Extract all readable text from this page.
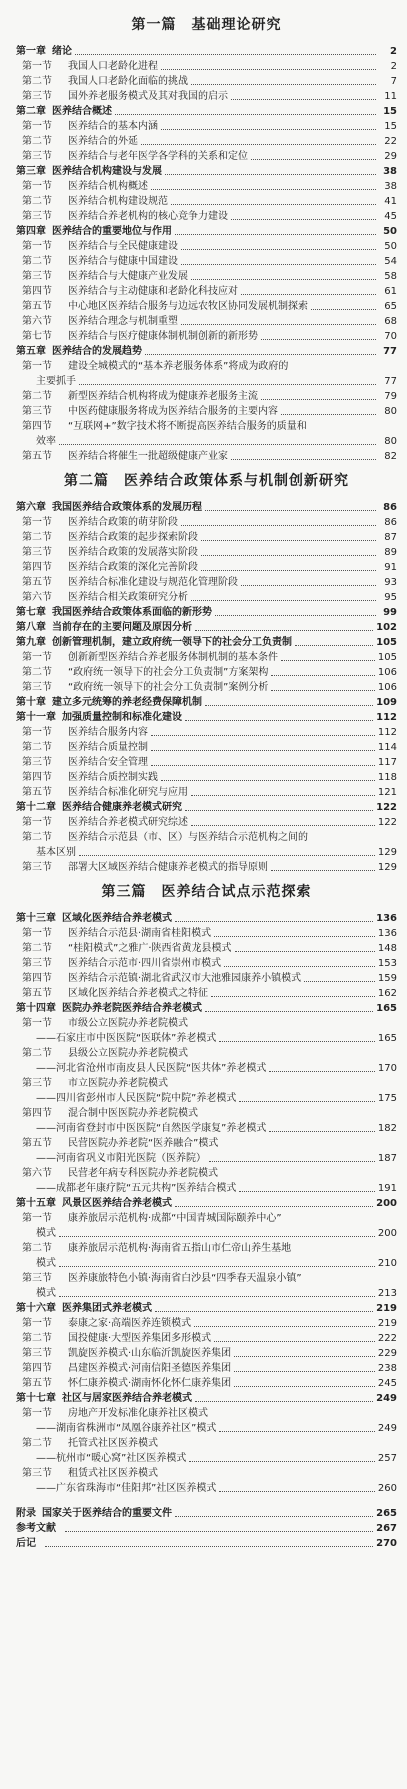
第一篇　基础理论研究
第一章 绪论	2
第一节	我国人口老龄化进程	2
第二节	我国人口老龄化面临的挑战	7
第三节	国外养老服务模式及其对我国的启示	11
第二章 医养结合概述	15
第一节	医养结合的基本内涵	15
第二节	医养结合的外延	22
第三节	医养结合与老年医学各学科的关系和定位	29
第三章 医养结合机构建设与发展	38
第一节	医养结合机构概述	38
第二节	医养结合机构建设规范	41
第三节	医养结合养老机构的核心竞争力建设	45
第四章 医养结合的重要地位与作用	50
第一节	医养结合与全民健康建设	50
第二节	医养结合与健康中国建设	54
第三节	医养结合与大健康产业发展	58
第四节	医养结合与主动健康和老龄化科技应对	61
第五节	中心地区医养结合服务与边远农牧区协同发展机制探索	65
第六节	医养结合理念与机制重塑	68
第七节	医养结合与医疗健康体制机制创新的新形势	70
第五章 医养结合的发展趋势	77
第一节	建设全城模式的“基本养老服务体系”将成为政府的
主要抓手	77
第二节	新型医养结合机构将成为健康养老服务主流	79
第三节	中医药健康服务将成为医养结合服务的主要内容	80
第四节	“互联网+”数字技术将不断提高医养结合服务的质量和
效率	80
第五节	医养结合将催生一批超级健康产业家	82
第二篇　医养结合政策体系与机制创新研究
第六章 我国医养结合政策体系的发展历程	86
第一节	医养结合政策的萌芽阶段	86
第二节	医养结合政策的起步探索阶段	87
第三节	医养结合政策的发展落实阶段	89
第四节	医养结合政策的深化完善阶段	91
第五节	医养结合标准化建设与规范化管理阶段	93
第六节	医养结合相关政策研究分析	95
第七章 我国医养结合政策体系面临的新形势	99
第八章 当前存在的主要问题及原因分析	102
第九章 创新管理机制，建立政府统一领导下的社会分工负责制	105
第一节	创新新型医养结合养老服务体制机制的基本条件	105
第二节	“政府统一领导下的社会分工负责制”方案架构	106
第三节	“政府统一领导下的社会分工负责制”案例分析	106
第十章 建立多元统筹的养老经费保障机制	109
第十一章 加强质量控制和标准化建设	112
第一节	医养结合服务内容	112
第二节	医养结合质量控制	114
第三节	医养结合安全管理	117
第四节	医养结合质控制实践	118
第五节	医养结合标准化研究与应用	121
第十二章 医养结合健康养老模式研究	122
第一节	医养结合养老模式研究综述	122
第二节	医养结合示范县（市、区）与医养结合示范机构之间的
基本区别	129
第三节	部署大区域医养结合健康养老模式的指导原则	129
第三篇　医养结合试点示范探索
第十三章 区域化医养结合养老模式	136
第一节	医养结合示范县·湖南省桂阳模式	136
第二节	“桂阳模式”之雅广·陕西省黄龙县模式	148
第三节	医养结合示范市·四川省崇州市模式	153
第四节	医养结合示范镇·湖北省武汉市大池雅园康养小镇模式	159
第五节	区域化医养结合养老模式之特征	162
第十四章 医院办养老院医养结合养老模式	165
第一节	市级公立医院办养老院模式
——石家庄市中医医院“医联体”养老模式	165
第二节	县级公立医院办养老院模式
——河北省沧州市南皮县人民医院“医共体”养老模式	170
第三节	市立医院办养老院模式
——四川省彭州市人民医院“院中院”养老模式	175
第四节	混合制中医医院办养老院模式
——河南省登封市中医医院“自然医学康复”养老模式	182
第五节	民营医院办养老院“医养融合”模式
——河南省巩义市阳光医院（医养院）	187
第六节	民营老年病专科医院办养老院模式
——成都老年康疗院“五元共构”医养结合模式	191
第十五章 风景区医养结合养老模式	200
第一节	康养旅居示范机构·成都“中国青城国际颐养中心”
模式	200
第二节	康养旅居示范机构·海南省五指山市仁帝山养生基地
模式	210
第三节	医养康旅特色小镇·海南省白沙县“四季春天温泉小镇”
模式	213
第十六章 医养集团式养老模式	219
第一节	泰康之家·高端医养连锁模式	219
第二节	国投健康·大型医养集团多形模式	222
第三节	凯旋医养模式·山东临沂凯旋医养集团	229
第四节	昌建医养模式·河南信阳圣德医养集团	238
第五节	怀仁康养模式·湖南怀化怀仁康养集团	245
第十七章 社区与居家医养结合养老模式	249
第一节	房地产开发标准化康养社区模式
——湖南省株洲市“凤凰谷康养社区”模式	249
第二节	托管式社区医养模式
——杭州市“暖心窝”社区医养模式	257
第三节	租赁式社区医养模式
——广东省珠海市“佳阳邦”社区医养模式	260
附录 国家关于医养结合的重要文件	265
参考文献	267
后记	270
